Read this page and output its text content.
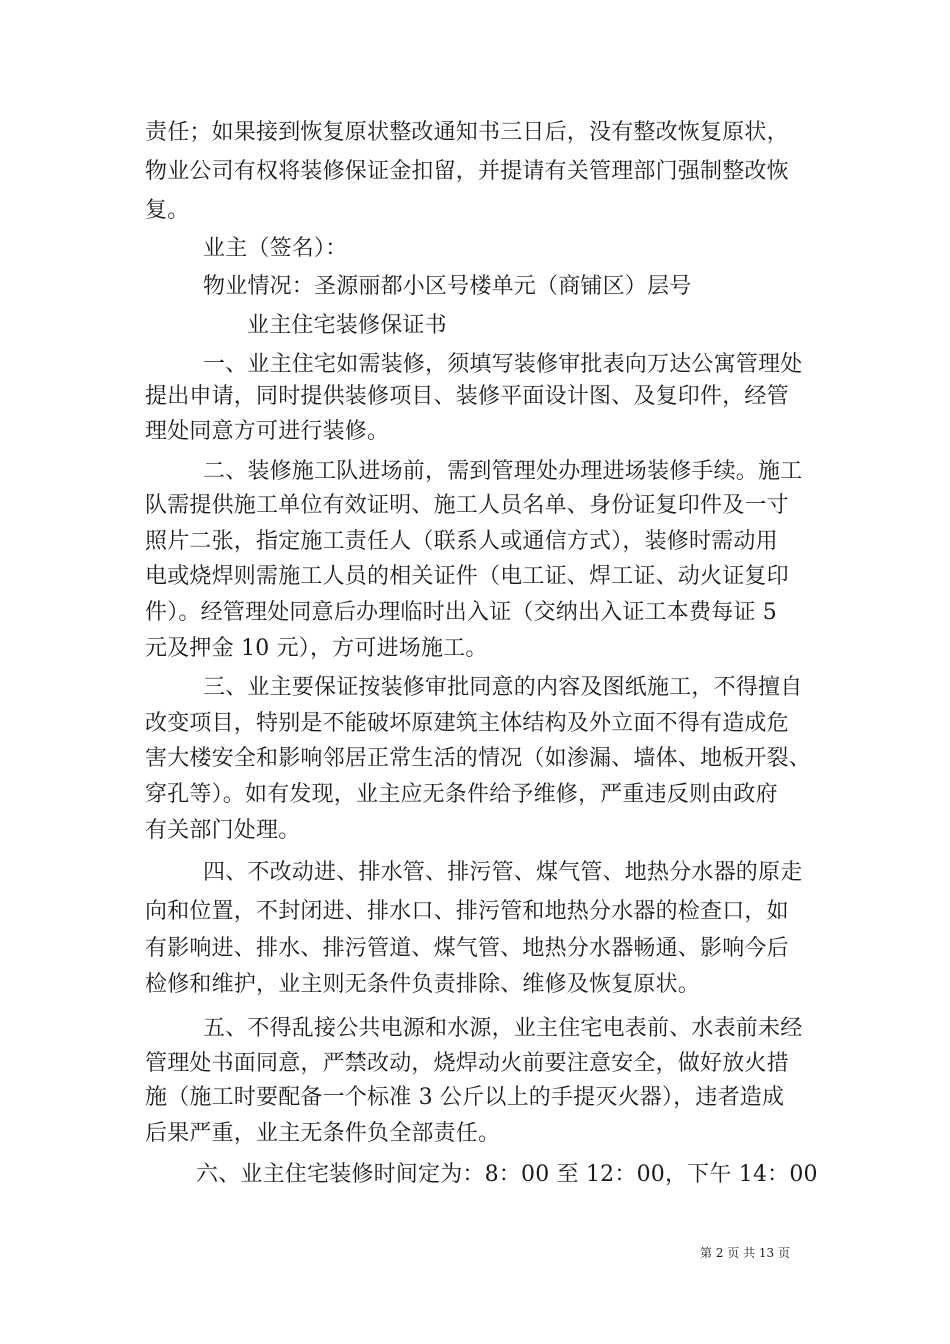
责任；如果接到恢复原状整改通知书三日后，没有整改恢复原状，
物业公司有权将装修保证金扣留，并提请有关管理部门强制整改恢
复。
业主（签名）：
物业情况：圣源丽都小区号楼单元（商铺区）层号
业主住宅装修保证书
一、业主住宅如需装修，须填写装修审批表向万达公寓管理处
提出申请，同时提供装修项目、装修平面设计图、及复印件，经管
理处同意方可进行装修。
二、装修施工队进场前，需到管理处办理进场装修手续。施工
队需提供施工单位有效证明、施工人员名单、身份证复印件及一寸
照片二张，指定施工责任人（联系人或通信方式），装修时需动用
电或烧焊则需施工人员的相关证件（电工证、焊工证、动火证复印
件）。经管理处同意后办理临时出入证（交纳出入证工本费每证 5
元及押金 10 元），方可进场施工。
三、业主要保证按装修审批同意的内容及图纸施工，不得擅自
改变项目，特别是不能破坏原建筑主体结构及外立面不得有造成危
害大楼安全和影响邻居正常生活的情况（如渗漏、墙体、地板开裂、
穿孔等）。如有发现，业主应无条件给予维修，严重违反则由政府
有关部门处理。
四、不改动进、排水管、排污管、煤气管、地热分水器的原走
向和位置，不封闭进、排水口、排污管和地热分水器的检查口，如
有影响进、排水、排污管道、煤气管、地热分水器畅通、影响今后
检修和维护，业主则无条件负责排除、维修及恢复原状。
五、不得乱接公共电源和水源，业主住宅电表前、水表前未经
管理处书面同意，严禁改动，烧焊动火前要注意安全，做好放火措
施（施工时要配备一个标准 3 公斤以上的手提灭火器），违者造成
后果严重，业主无条件负全部责任。
六、业主住宅装修时间定为：8：00 至 12：00，下午 14：00
第 2 页 共 13 页
